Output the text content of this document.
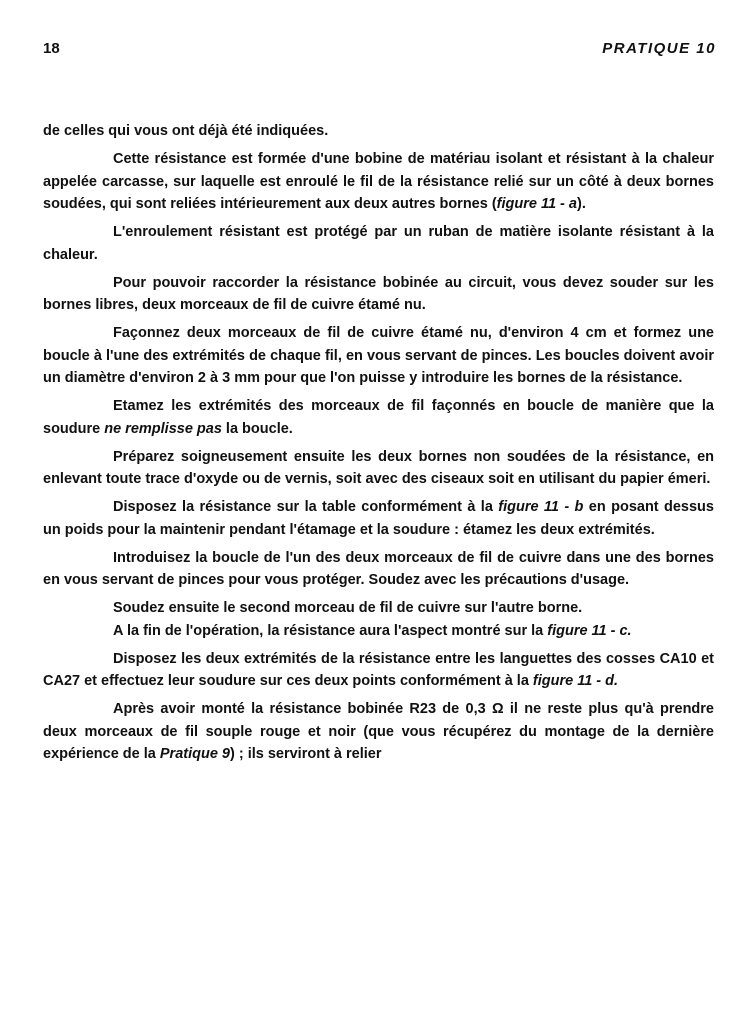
18	PRATIQUE 10

de celles qui vous ont déjà été indiquées.

Cette résistance est formée d'une bobine de matériau isolant et résistant à la chaleur appelée carcasse, sur laquelle est enroulé le fil de la résistance relié sur un côté à deux bornes soudées, qui sont reliées intérieurement aux deux autres bornes (figure 11 - a).

L'enroulement résistant est protégé par un ruban de matière isolante résistant à la chaleur.

Pour pouvoir raccorder la résistance bobinée au circuit, vous devez souder sur les bornes libres, deux morceaux de fil de cuivre étamé nu.

Façonnez deux morceaux de fil de cuivre étamé nu, d'environ 4 cm et formez une boucle à l'une des extrémités de chaque fil, en vous servant de pinces. Les boucles doivent avoir un diamètre d'environ 2 à 3 mm pour que l'on puisse y introduire les bornes de la résistance.

Etamez les extrémités des morceaux de fil façonnés en boucle de manière que la soudure ne remplisse pas la boucle.

Préparez soigneusement ensuite les deux bornes non soudées de la résistance, en enlevant toute trace d'oxyde ou de vernis, soit avec des ciseaux soit en utilisant du papier émeri.

Disposez la résistance sur la table conformément à la figure 11 - b en posant dessus un poids pour la maintenir pendant l'étamage et la soudure : étamez les deux extrémités.

Introduisez la boucle de l'un des deux morceaux de fil de cuivre dans une des bornes en vous servant de pinces pour vous protéger. Soudez avec les précautions d'usage.

Soudez ensuite le second morceau de fil de cuivre sur l'autre borne.

A la fin de l'opération, la résistance aura l'aspect montré sur la figure 11 - c.

Disposez les deux extrémités de la résistance entre les languettes des cosses CA10 et CA27 et effectuez leur soudure sur ces deux points conformément à la figure 11 - d.

Après avoir monté la résistance bobinée R23 de 0,3 Ω il ne reste plus qu'à prendre deux morceaux de fil souple rouge et noir (que vous récupérez du montage de la dernière expérience de la Pratique 9) ; ils serviront à relier
